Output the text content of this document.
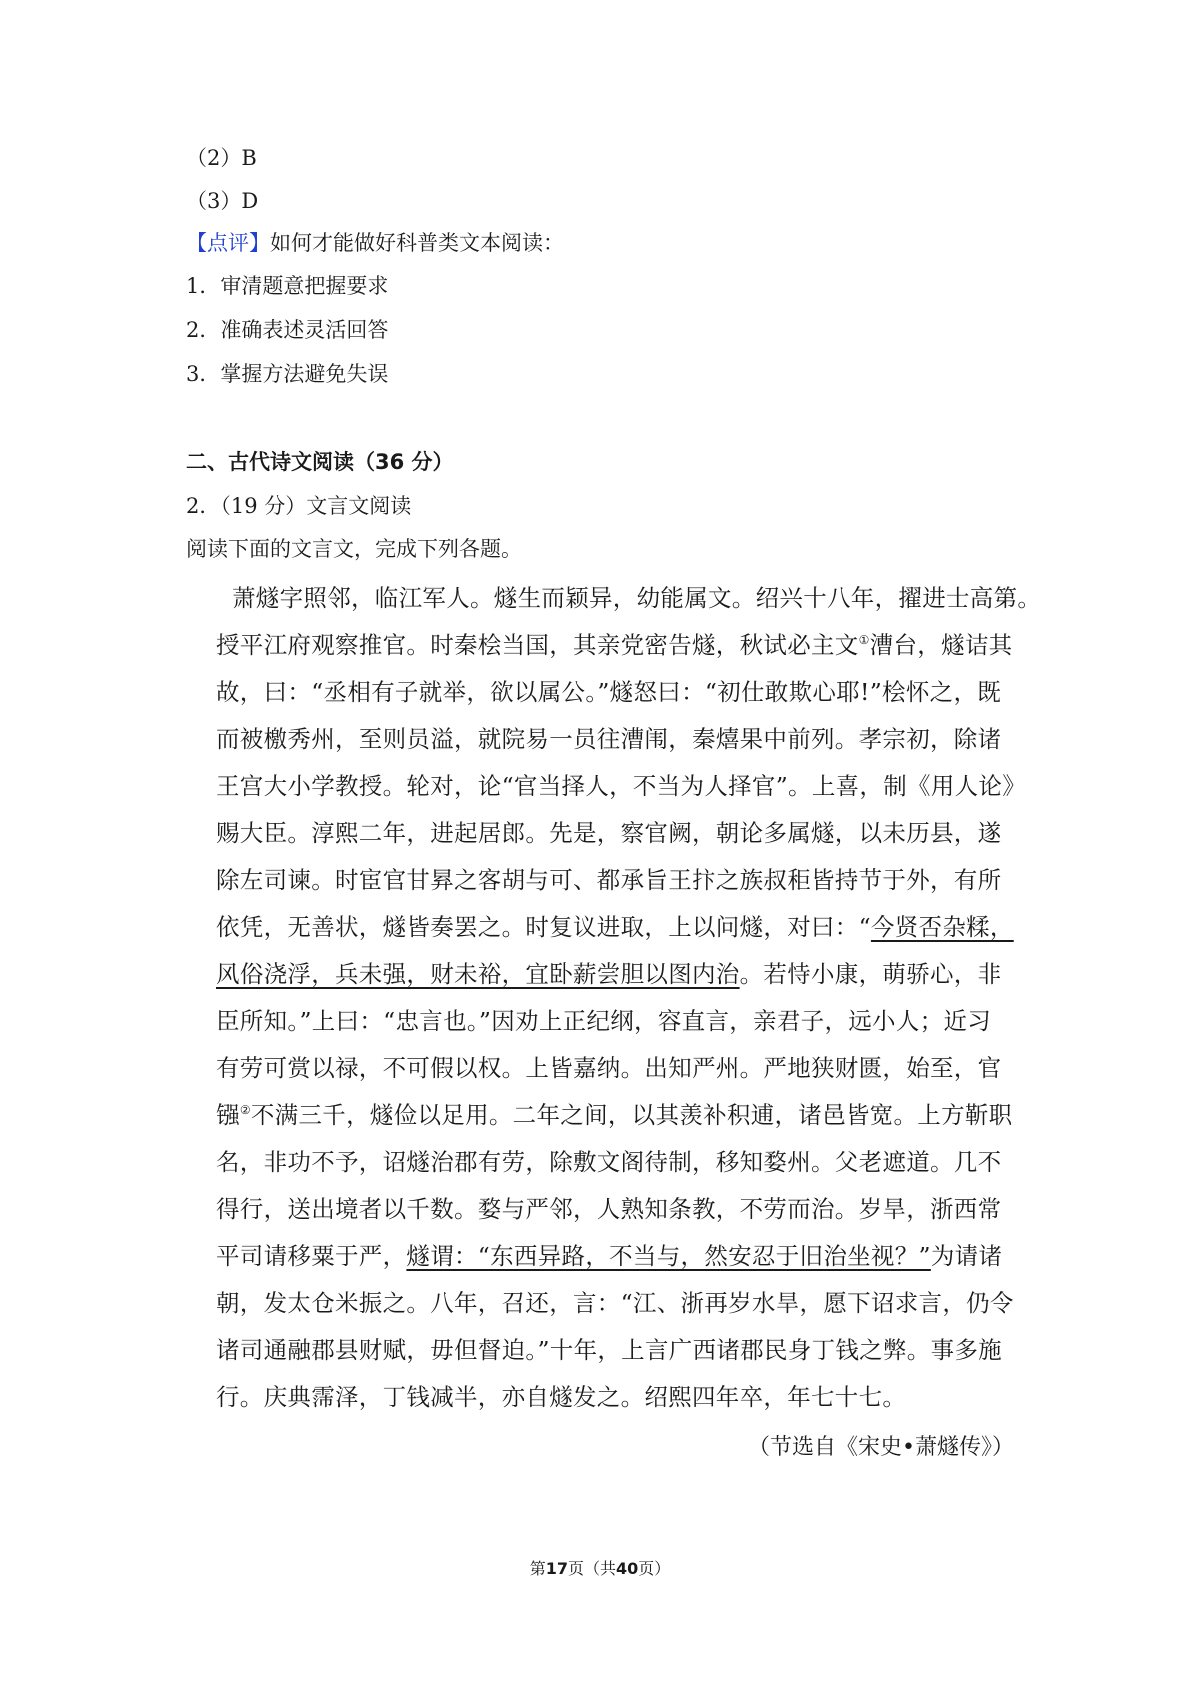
（2）B
（3）D
【点评】如何才能做好科普类文本阅读：
1．审清题意把握要求
2．准确表述灵活回答
3．掌握方法避免失误
二、古代诗文阅读（36 分）
2．（19 分）文言文阅读
阅读下面的文言文，完成下列各题。
萧燧字照邻，临江军人。燧生而颖异，幼能属文。绍兴十八年，擢进士高第。
授平江府观察推官。时秦桧当国，其亲党密告燧，秋试必主文①漕台，燧诘其
故，曰：“丞相有子就举，欲以属公。”燧怒曰：“初仕敢欺心耶!”桧怀之，既
而被檄秀州，至则员溢，就院易一员往漕闱，秦熺果中前列。孝宗初，除诸
王宫大小学教授。轮对，论“官当择人，不当为人择官”。上喜，制《用人论》
赐大臣。淳熙二年，进起居郎。先是，察官阙，朝论多属燧，以未历县，遂
除左司谏。时宦官甘昪之客胡与可、都承旨王抃之族叔秬皆持节于外，有所
依凭，无善状，燧皆奏罢之。时复议进取，上以问燧，对曰：“今贤否杂糅，
风俗浇浮，兵未强，财未裕，宜卧薪尝胆以图内治。若恃小康，萌骄心，非
臣所知。”上曰：“忠言也。”因劝上正纪纲，容直言，亲君子，远小人；近习
有劳可赏以禄，不可假以权。上皆嘉纳。出知严州。严地狭财匮，始至，官
镪②不满三千，燧俭以足用。二年之间，以其羡补积逋，诸邑皆宽。上方靳职
名，非功不予，诏燧治郡有劳，除敷文阁待制，移知婺州。父老遮道。几不
得行，送出境者以千数。婺与严邻，人熟知条教，不劳而治。岁旱，浙西常
平司请移粟于严，燧谓：“东西异路，不当与，然安忍于旧治坐视？”为请诸
朝，发太仓米振之。八年，召还，言：“江、浙再岁水旱，愿下诏求言，仍令
诸司通融郡县财赋，毋但督迫。”十年，上言广西诸郡民身丁钱之弊。事多施
行。庆典霈泽，丁钱减半，亦自燧发之。绍熙四年卒，年七十七。
（节选自《宋史•萧燧传》）
第17页（共40页）
